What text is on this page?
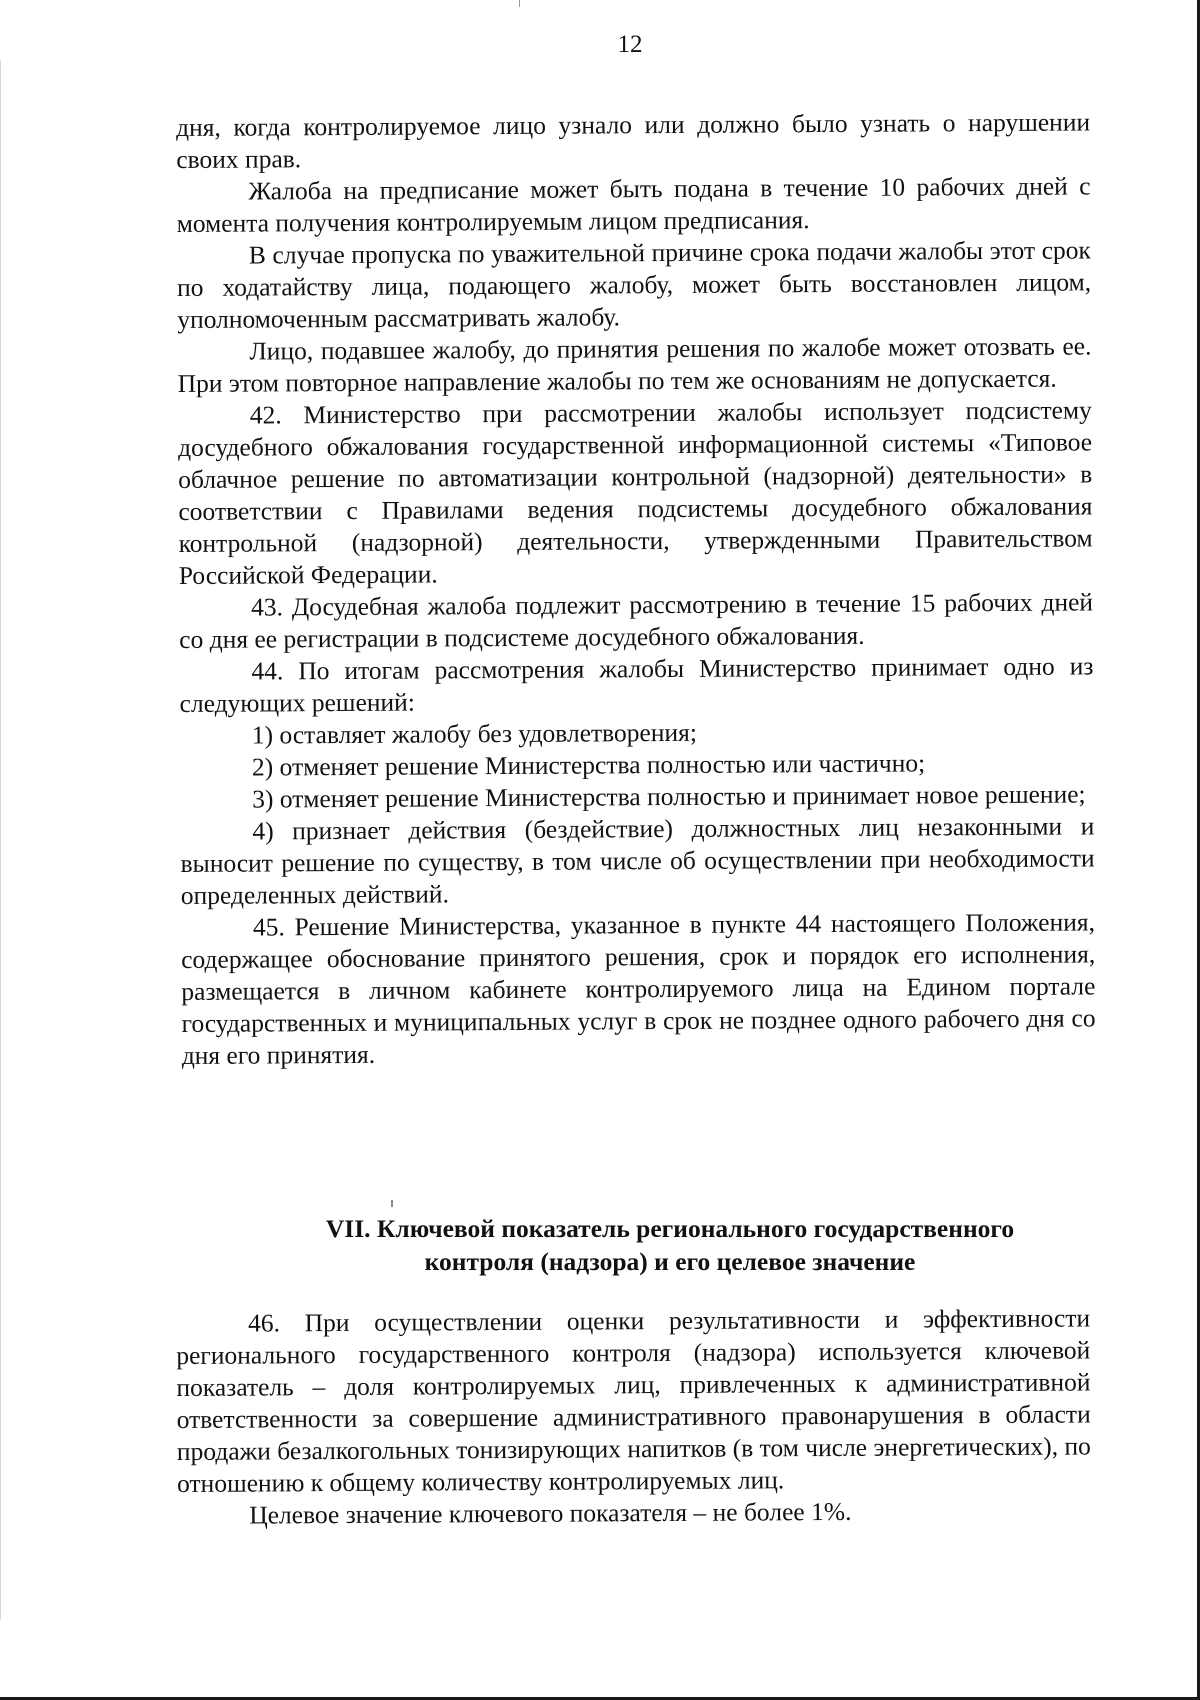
12

дня, когда контролируемое лицо узнало или должно было узнать о нарушении своих прав.

Жалоба на предписание может быть подана в течение 10 рабочих дней с момента получения контролируемым лицом предписания.

В случае пропуска по уважительной причине срока подачи жалобы этот срок по ходатайству лица, подающего жалобу, может быть восстановлен лицом, уполномоченным рассматривать жалобу.

Лицо, подавшее жалобу, до принятия решения по жалобе может отозвать ее. При этом повторное направление жалобы по тем же основаниям не допускается.

42. Министерство при рассмотрении жалобы использует подсистему досудебного обжалования государственной информационной системы «Типовое облачное решение по автоматизации контрольной (надзорной) деятельности» в соответствии с Правилами ведения подсистемы досудебного обжалования контрольной (надзорной) деятельности, утвержденными Правительством Российской Федерации.

43. Досудебная жалоба подлежит рассмотрению в течение 15 рабочих дней со дня ее регистрации в подсистеме досудебного обжалования.

44. По итогам рассмотрения жалобы Министерство принимает одно из следующих решений:

1) оставляет жалобу без удовлетворения;

2) отменяет решение Министерства полностью или частично;

3) отменяет решение Министерства полностью и принимает новое решение;

4) признает действия (бездействие) должностных лиц незаконными и выносит решение по существу, в том числе об осуществлении при необходимости определенных действий.

45. Решение Министерства, указанное в пункте 44 настоящего Положения, содержащее обоснование принятого решения, срок и порядок его исполнения, размещается в личном кабинете контролируемого лица на Едином портале государственных и муниципальных услуг в срок не позднее одного рабочего дня со дня его принятия.

VII. Ключевой показатель регионального государственного
контроля (надзора) и его целевое значение

46. При осуществлении оценки результативности и эффективности регионального государственного контроля (надзора) используется ключевой показатель – доля контролируемых лиц, привлеченных к административной ответственности за совершение административного правонарушения в области продажи безалкогольных тонизирующих напитков (в том числе энергетических), по отношению к общему количеству контролируемых лиц.

Целевое значение ключевого показателя – не более 1%.
